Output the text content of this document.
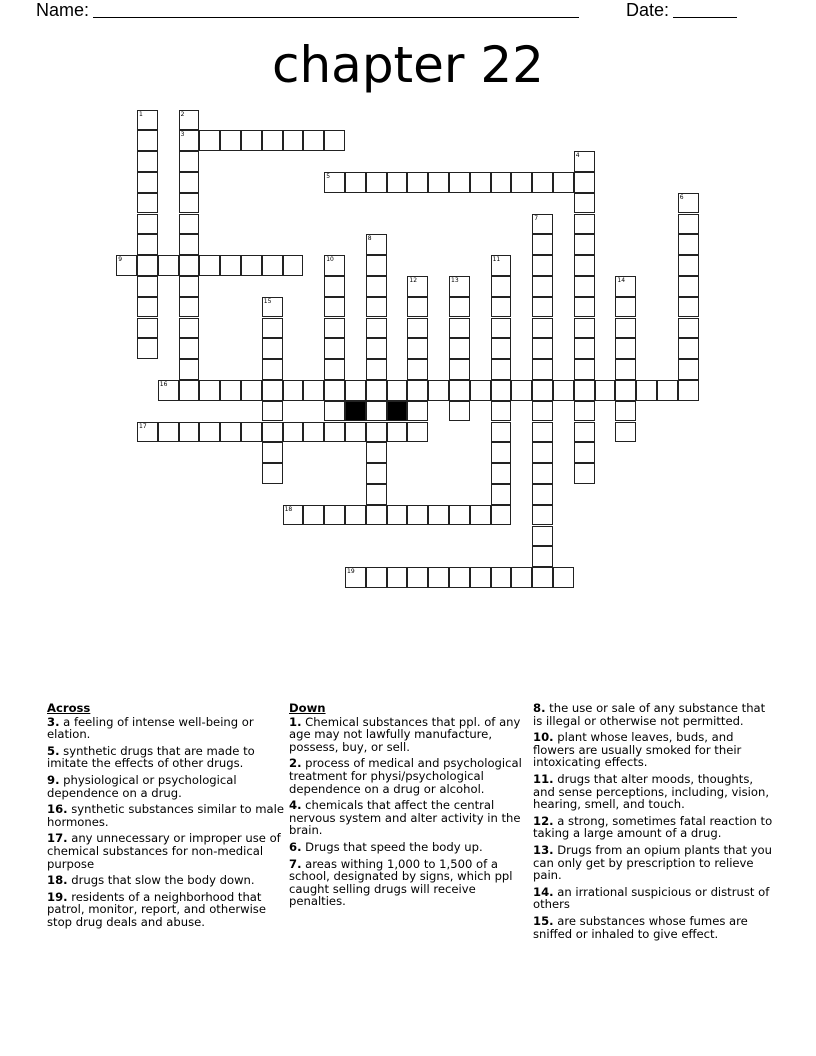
Name:	Date:
chapter 22
1	2
3
4
5
6
7
8
9	10	11
12	13	14
15
16
17
18
19
Across
3. a feeling of intense well-being or elation.
5. synthetic drugs that are made to imitate the effects of other drugs.
9. physiological or psychological dependence on a drug.
16. synthetic substances similar to male hormones.
17. any unnecessary or improper use of chemical substances for non-medical purpose
18. drugs that slow the body down.
19. residents of a neighborhood that patrol, monitor, report, and otherwise stop drug deals and abuse.
Down
1. Chemical substances that ppl. of any age may not lawfully manufacture, possess, buy, or sell.
2. process of medical and psychological treatment for physi/psychological dependence on a drug or alcohol.
4. chemicals that affect the central nervous system and alter activity in the brain.
6. Drugs that speed the body up.
7. areas withing 1,000 to 1,500 of a school, designated by signs, which ppl caught selling drugs will receive penalties.
8. the use or sale of any substance that is illegal or otherwise not permitted.
10. plant whose leaves, buds, and flowers are usually smoked for their intoxicating effects.
11. drugs that alter moods, thoughts, and sense perceptions, including, vision, hearing, smell, and touch.
12. a strong, sometimes fatal reaction to taking a large amount of a drug.
13. Drugs from an opium plants that you can only get by prescription to relieve pain.
14. an irrational suspicious or distrust of others
15. are substances whose fumes are sniffed or inhaled to give effect.
